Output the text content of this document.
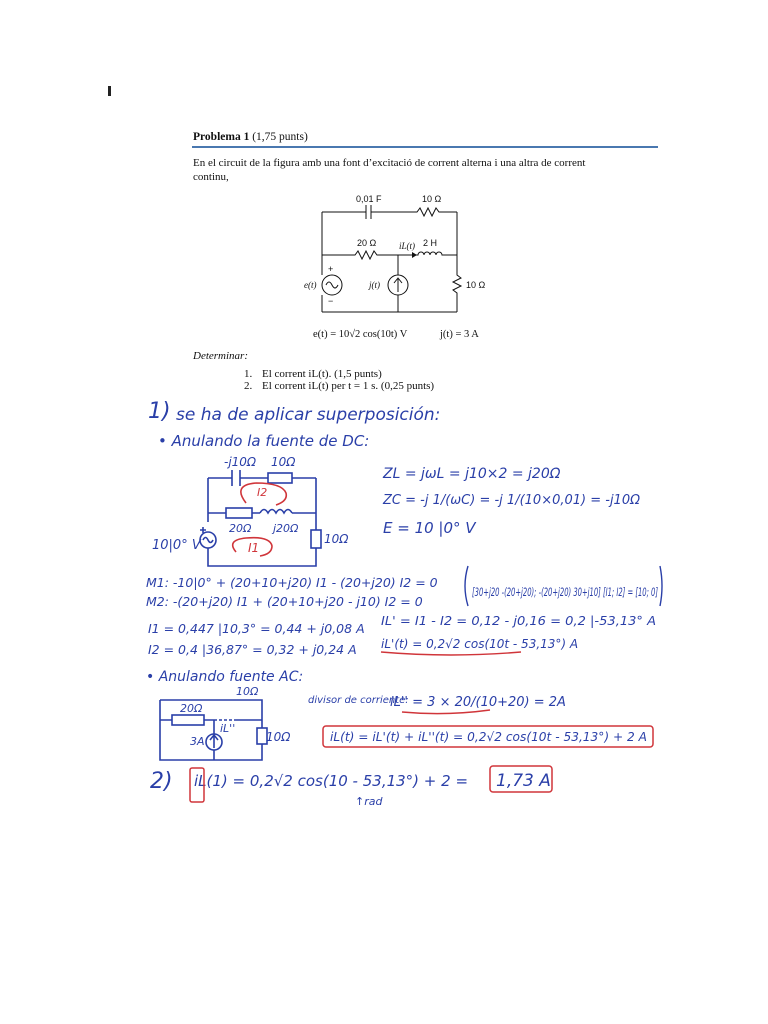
Problema 1 (1,75 punts)
En el circuit de la figura amb una font d’excitació de corrent alterna i una altra de corrent
continu,
0,01 F	10 Ω
20 Ω	iL(t) 2 H
e(t)
+
−
j(t)	10 Ω
e(t) = 10√2 cos(10t) V	j(t) = 3 A
Determinar:
1. El corrent iL(t). (1,5 punts)
2. El corrent iL(t) per t = 1 s. (0,25 punts)
1) se ha de aplicar superposición:
• Anulando la fuente de DC:
ZL = jωL = j10×2 = j20Ω
ZC = -j 1/(ωC) = -j 1/(10×0,01) = -j10Ω
E = 10 |0° V
-j10Ω 10Ω
20Ω j20Ω
10|0° V	10Ω
M1: -10|0° + (20+10+j20) I1 - (20+j20) I2 = 0
M2: -(20+j20) I1 + (20+10+j20 - j10) I2 = 0
[30+j20 -(20+j20); -(20+j20) 30+j10] [I1; I2] = [10; 0]
I1 = 0,447 |10,3° = 0,44 + j0,08 A
I2 = 0,4 |36,87° = 0,32 + j0,24 A
IL' = I1 - I2 = 0,12 - j0,16 = 0,2 |-53,13° A
iL'(t) = 0,2√2 cos(10t - 53,13°) A
• Anulando fuente AC:
10Ω
20Ω
iL''
3A	10Ω
divisor de corriente:
iL'' = 3 × 20/(10+20) = 2A
iL(t) = iL'(t) + iL''(t) = 0,2√2 cos(10t - 53,13°) + 2 A
2) iL(1) = 0,2√2 cos(10 - 53,13°) + 2 = 1,73 A
↑rad
I2
I1
